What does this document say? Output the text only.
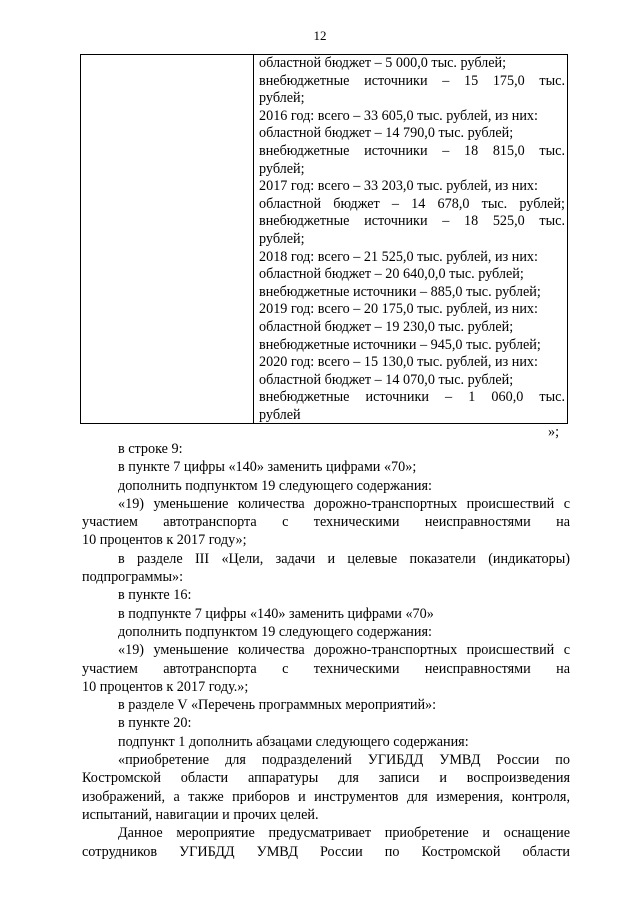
12
областной бюджет – 5 000,0 тыс. рублей;
внебюджетные источники – 15 175,0 тыс.
рублей;
2016 год: всего – 33 605,0 тыс. рублей, из них:
областной бюджет – 14 790,0 тыс. рублей;
внебюджетные источники – 18 815,0 тыс.
рублей;
2017 год: всего – 33 203,0 тыс. рублей, из них:
областной бюджет – 14 678,0 тыс. рублей;
внебюджетные источники – 18 525,0 тыс.
рублей;
2018 год: всего – 21 525,0 тыс. рублей, из них:
областной бюджет – 20 640,0,0 тыс. рублей;
внебюджетные источники – 885,0 тыс. рублей;
2019 год: всего – 20 175,0 тыс. рублей, из них:
областной бюджет – 19 230,0 тыс. рублей;
внебюджетные источники – 945,0 тыс. рублей;
2020 год: всего – 15 130,0 тыс. рублей, из них:
областной бюджет – 14 070,0 тыс. рублей;
внебюджетные источники – 1 060,0 тыс.
рублей
»;
в строке 9:
в пункте 7 цифры «140» заменить цифрами «70»;
дополнить подпунктом 19 следующего содержания:
«19) уменьшение количества дорожно-транспортных происшествий с
участием автотранспорта с техническими неисправностями на
10 процентов к 2017 году»;
в разделе III «Цели, задачи и целевые показатели (индикаторы)
подпрограммы»:
в пункте 16:
в подпункте 7 цифры «140» заменить цифрами «70»
дополнить подпунктом 19 следующего содержания:
«19) уменьшение количества дорожно-транспортных происшествий с
участием автотранспорта с техническими неисправностями на
10 процентов к 2017 году.»;
в разделе V «Перечень программных мероприятий»:
в пункте 20:
подпункт 1 дополнить абзацами следующего содержания:
«приобретение для подразделений УГИБДД УМВД России по
Костромской области аппаратуры для записи и воспроизведения
изображений, а также приборов и инструментов для измерения, контроля,
испытаний, навигации и прочих целей.
Данное мероприятие предусматривает приобретение и оснащение
сотрудников УГИБДД УМВД России по Костромской области
